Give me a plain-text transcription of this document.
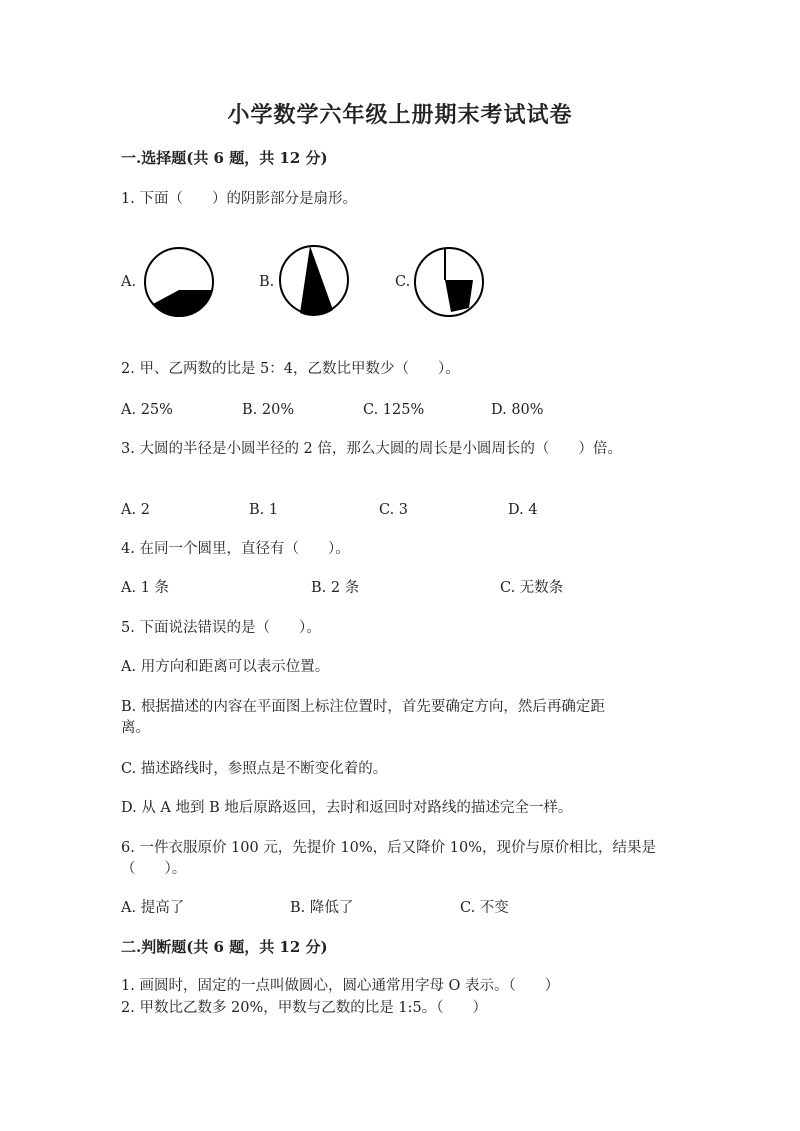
小学数学六年级上册期末考试试卷
一.选择题(共 6 题，共 12 分)
1. 下面（　　）的阴影部分是扇形。
A.	B.	C.
2. 甲、乙两数的比是 5：4，乙数比甲数少（　　）。
A. 25%	B. 20%	C. 125%	D. 80%
3. 大圆的半径是小圆半径的 2 倍，那么大圆的周长是小圆周长的（　　）倍。
A. 2	B. 1	C. 3	D. 4
4. 在同一个圆里，直径有（　　）。
A. 1 条	B. 2 条	C. 无数条
5. 下面说法错误的是（　　）。
A. 用方向和距离可以表示位置。
B. 根据描述的内容在平面图上标注位置时，首先要确定方向，然后再确定距
离。
C. 描述路线时，参照点是不断变化着的。
D. 从 A 地到 B 地后原路返回，去时和返回时对路线的描述完全一样。
6. 一件衣服原价 100 元，先提价 10%，后又降价 10%，现价与原价相比，结果是
（　　）。
A. 提高了	B. 降低了	C. 不变
二.判断题(共 6 题，共 12 分)
1. 画圆时，固定的一点叫做圆心，圆心通常用字母 O 表示。（　　）
2. 甲数比乙数多 20%，甲数与乙数的比是 1:5。（　　）
